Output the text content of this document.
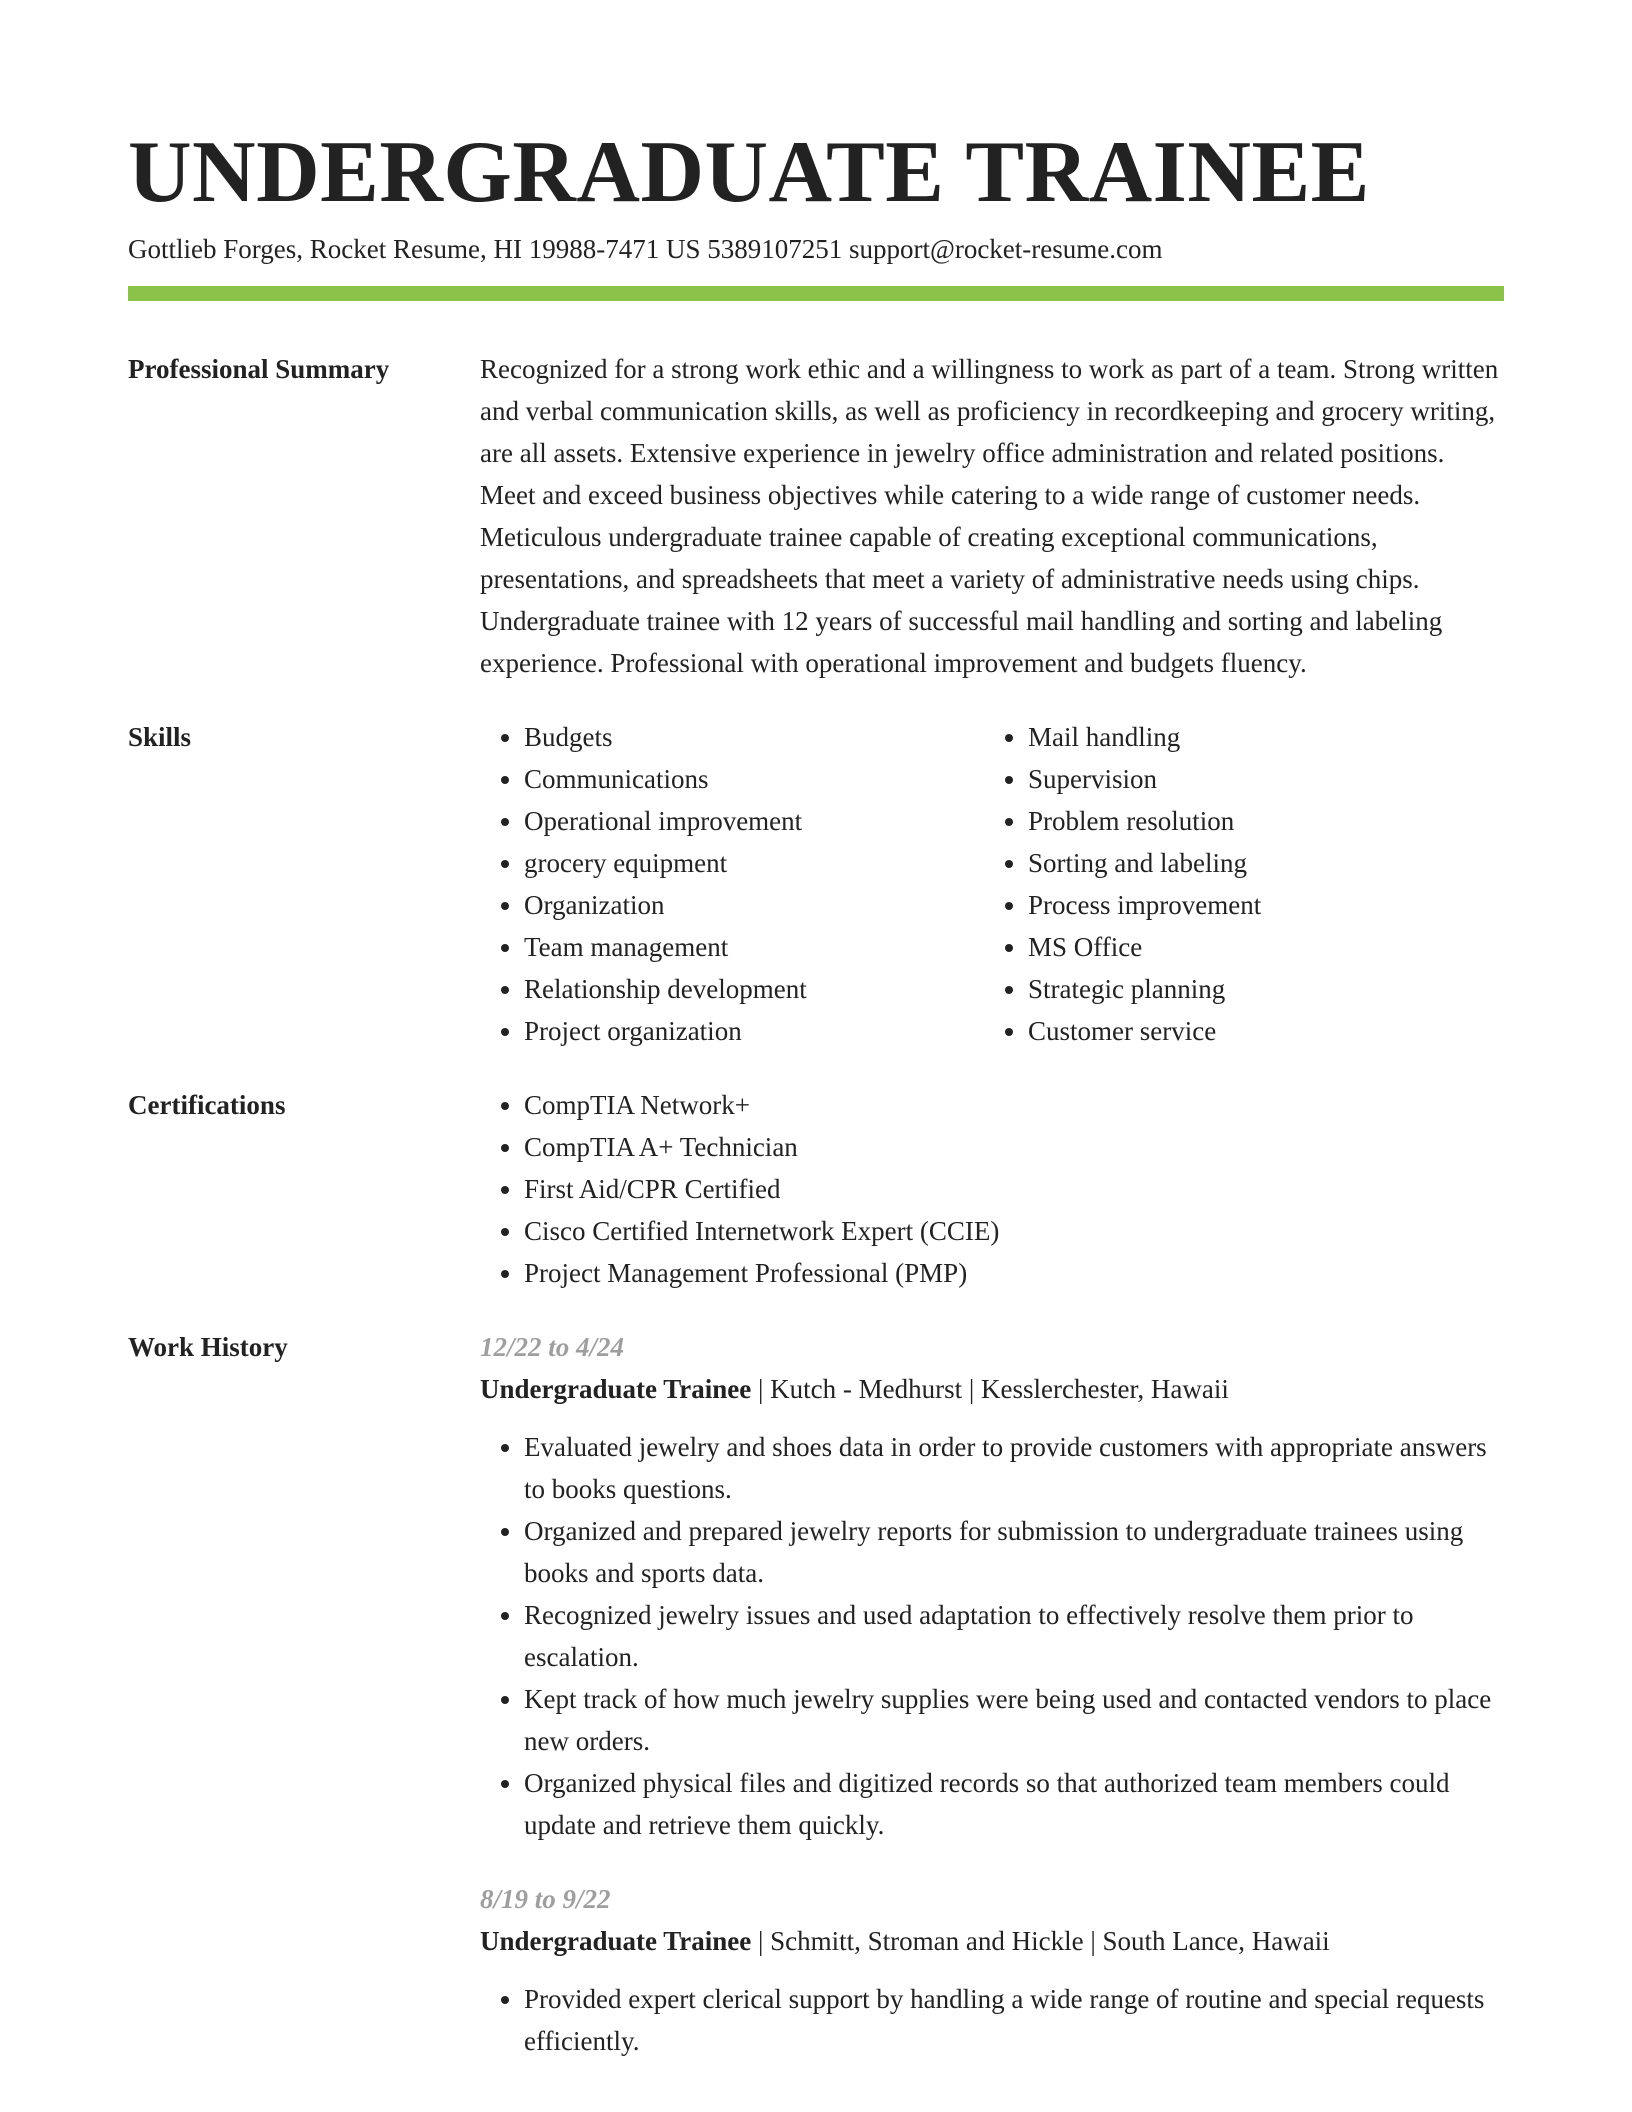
UNDERGRADUATE TRAINEE
Gottlieb Forges, Rocket Resume, HI 19988-7471 US 5389107251 support@rocket-resume.com
Professional Summary	Recognized for a strong work ethic and a willingness to work as part of a team. Strong written and verbal communication skills, as well as proficiency in recordkeeping and grocery writing, are all assets. Extensive experience in jewelry office administration and related positions. Meet and exceed business objectives while catering to a wide range of customer needs. Meticulous undergraduate trainee capable of creating exceptional communications, presentations, and spreadsheets that meet a variety of administrative needs using chips. Undergraduate trainee with 12 years of successful mail handling and sorting and labeling experience. Professional with operational improvement and budgets fluency.

Skills	• Budgets
• Communications
• Operational improvement
• grocery equipment
• Organization
• Team management
• Relationship development
• Project organization
• Mail handling
• Supervision
• Problem resolution
• Sorting and labeling
• Process improvement
• MS Office
• Strategic planning
• Customer service
Certifications	• CompTIA Network+
• CompTIA A+ Technician
• First Aid/CPR Certified
• Cisco Certified Internetwork Expert (CCIE)
• Project Management Professional (PMP)
Work History	12/22 to 4/24
Undergraduate Trainee | Kutch - Medhurst | Kesslerchester, Hawaii
• Evaluated jewelry and shoes data in order to provide customers with appropriate answers to books questions.
• Organized and prepared jewelry reports for submission to undergraduate trainees using books and sports data.
• Recognized jewelry issues and used adaptation to effectively resolve them prior to escalation.
• Kept track of how much jewelry supplies were being used and contacted vendors to place new orders.
• Organized physical files and digitized records so that authorized team members could update and retrieve them quickly.
8/19 to 9/22
Undergraduate Trainee | Schmitt, Stroman and Hickle | South Lance, Hawaii
• Provided expert clerical support by handling a wide range of routine and special requests efficiently.
